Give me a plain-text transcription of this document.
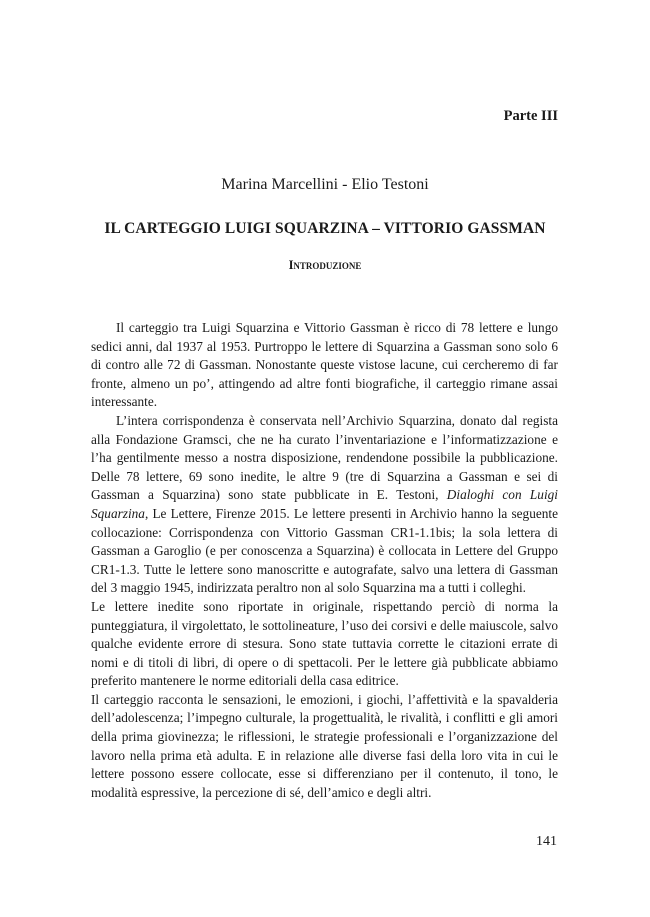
Parte III
Marina Marcellini - Elio Testoni
IL CARTEGGIO LUIGI SQUARZINA – VITTORIO GASSMAN
Introduzione

Il carteggio tra Luigi Squarzina e Vittorio Gassman è ricco di 78 lettere e lungo sedici anni, dal 1937 al 1953. Purtroppo le lettere di Squarzina a Gassman sono solo 6 di contro alle 72 di Gassman. Nonostante queste vistose lacune, cui cercheremo di far fronte, almeno un po’, attingendo ad altre fonti biografiche, il carteggio rimane assai interessante.

L’intera corrispondenza è conservata nell’Archivio Squarzina, donato dal regista alla Fondazione Gramsci, che ne ha curato l’inventariazione e l’informatizzazione e l’ha gentilmente messo a nostra disposizione, rendendone possibile la pubblicazione. Delle 78 lettere, 69 sono inedite, le altre 9 (tre di Squarzina a Gassman e sei di Gassman a Squarzina) sono state pubblicate in E. Testoni, Dialoghi con Luigi Squarzina, Le Lettere, Firenze 2015. Le lettere presenti in Archivio hanno la seguente collocazione: Corrispondenza con Vittorio Gassman CR1-1.1bis; la sola lettera di Gassman a Garoglio (e per conoscenza a Squarzina) è collocata in Lettere del Gruppo CR1-1.3. Tutte le lettere sono manoscritte e autografate, salvo una lettera di Gassman del 3 maggio 1945, indirizzata peraltro non al solo Squarzina ma a tutti i colleghi.

Le lettere inedite sono riportate in originale, rispettando perciò di norma la punteggiatura, il virgolettato, le sottolineature, l’uso dei corsivi e delle maiuscole, salvo qualche evidente errore di stesura. Sono state tuttavia corrette le citazioni errate di nomi e di titoli di libri, di opere o di spettacoli. Per le lettere già pubblicate abbiamo preferito mantenere le norme editoriali della casa editrice.

Il carteggio racconta le sensazioni, le emozioni, i giochi, l’affettività e la spavalderia dell’adolescenza; l’impegno culturale, la progettualità, le rivalità, i conflitti e gli amori della prima giovinezza; le riflessioni, le strategie professionali e l’organizzazione del lavoro nella prima età adulta. E in relazione alle diverse fasi della loro vita in cui le lettere possono essere collocate, esse si differenziano per il contenuto, il tono, le modalità espressive, la percezione di sé, dell’amico e degli altri.

141
